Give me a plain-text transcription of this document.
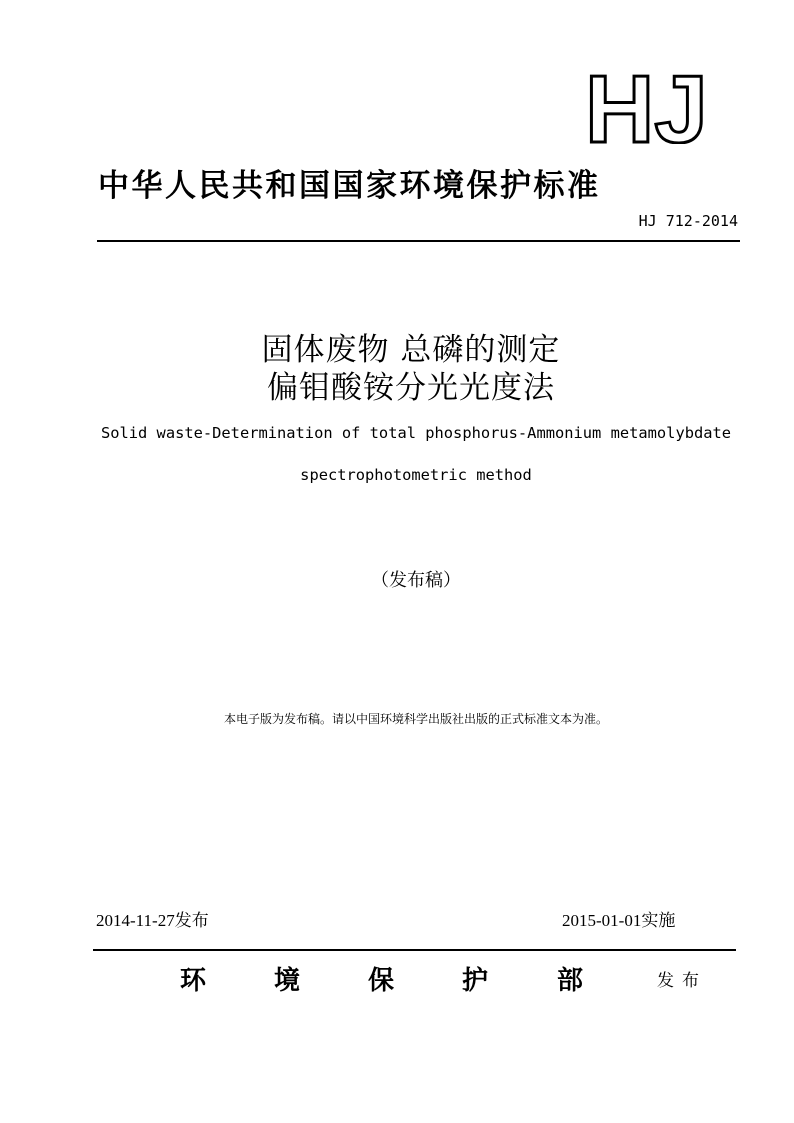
HJ
中华人民共和国国家环境保护标准
HJ 712-2014
固体废物 总磷的测定
偏钼酸铵分光光度法
Solid waste-Determination of total phosphorus-Ammonium metamolybdate
spectrophotometric method
（发布稿）
本电子版为发布稿。请以中国环境科学出版社出版的正式标准文本为准。
2014-11-27发布	2015-01-01实施
环	境	保	护	部	发布
